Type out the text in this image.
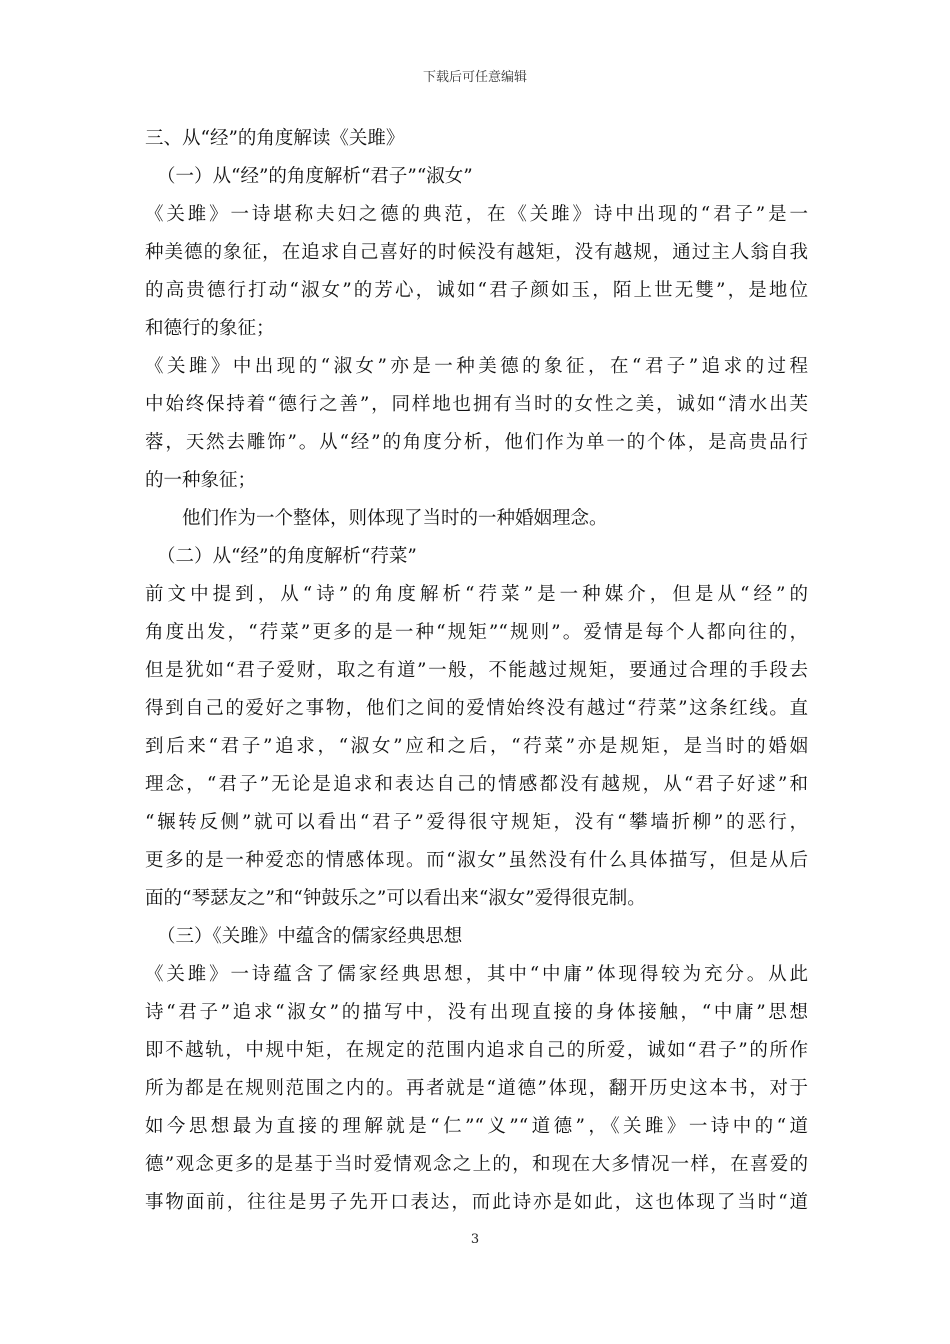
下载后可任意编辑
三、从“经”的角度解读《关雎》
（一）从“经”的角度解析“君子”“淑女”
《关雎》一诗堪称夫妇之德的典范，在《关雎》诗中出现的“君子”是一
种美德的象征，在追求自己喜好的时候没有越矩，没有越规，通过主人翁自我
的高贵德行打动“淑女”的芳心，诚如“君子颜如玉，陌上世无雙”，是地位
和德行的象征；
《关雎》中出现的“淑女”亦是一种美德的象征，在“君子”追求的过程
中始终保持着“德行之善”，同样地也拥有当时的女性之美，诚如“清水出芙
蓉，天然去雕饰”。从“经”的角度分析，他们作为单一的个体，是高贵品行
的一种象征；
他们作为一个整体，则体现了当时的一种婚姻理念。
（二）从“经”的角度解析“荇菜”
前文中提到，从“诗”的角度解析“荇菜”是一种媒介，但是从“经”的
角度出发，“荇菜”更多的是一种“规矩”“规则”。爱情是每个人都向往的，
但是犹如“君子爱财，取之有道”一般，不能越过规矩，要通过合理的手段去
得到自己的爱好之事物，他们之间的爱情始终没有越过“荇菜”这条红线。直
到后来“君子”追求，“淑女”应和之后，“荇菜”亦是规矩，是当时的婚姻
理念，“君子”无论是追求和表达自己的情感都没有越规，从“君子好逑”和
“辗转反侧”就可以看出“君子”爱得很守规矩，没有“攀墙折柳”的恶行，
更多的是一种爱恋的情感体现。而“淑女”虽然没有什么具体描写，但是从后
面的“琴瑟友之”和“钟鼓乐之”可以看出来“淑女”爱得很克制。
（三）《关雎》中蕴含的儒家经典思想
《关雎》一诗蕴含了儒家经典思想，其中“中庸”体现得较为充分。从此
诗“君子”追求“淑女”的描写中，没有出现直接的身体接触，“中庸”思想
即不越轨，中规中矩，在规定的范围内追求自己的所爱，诚如“君子”的所作
所为都是在规则范围之内的。再者就是“道德”体现，翻开历史这本书，对于
如今思想最为直接的理解就是“仁”“义”“道德”，《关雎》一诗中的“道
德”观念更多的是基于当时爱情观念之上的，和现在大多情况一样，在喜爱的
事物面前，往往是男子先开口表达，而此诗亦是如此，这也体现了当时“道
3
